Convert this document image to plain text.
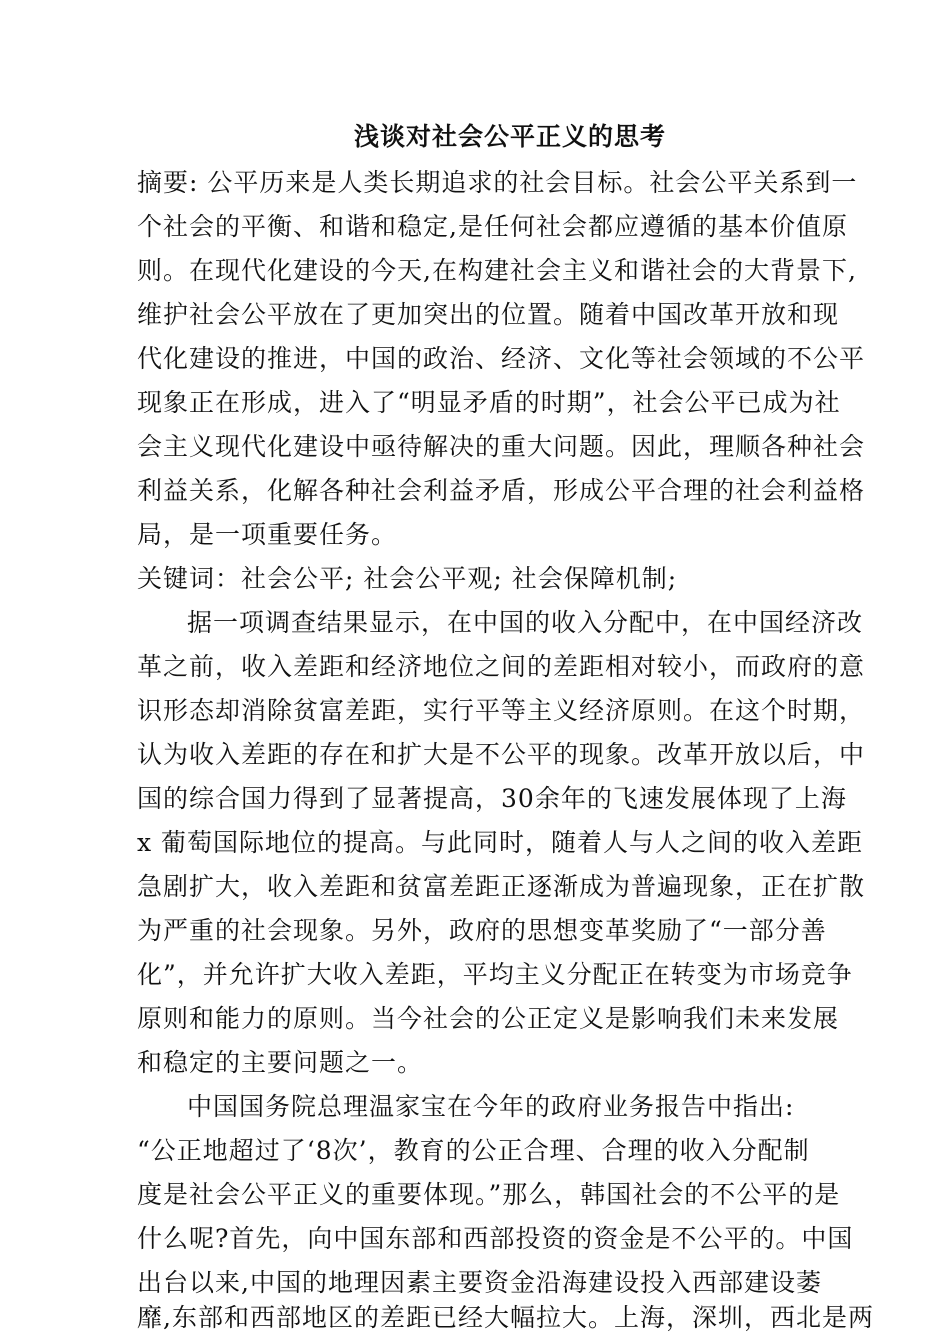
浅谈对社会公平正义的思考
摘要: 公平历来是人类长期追求的社会目标。社会公平关系到一
个社会的平衡、和谐和稳定,是任何社会都应遵循的基本价值原
则。在现代化建设的今天,在构建社会主义和谐社会的大背景下,
维护社会公平放在了更加突出的位置。随着中国改革开放和现
代化建设的推进，中国的政治、经济、文化等社会领域的不公平
现象正在形成，进入了“明显矛盾的时期”，社会公平已成为社
会主义现代化建设中亟待解决的重大问题。因此，理顺各种社会
利益关系，化解各种社会利益矛盾，形成公平合理的社会利益格
局，是一项重要任务。
关键词：社会公平; 社会公平观; 社会保障机制;
据一项调查结果显示，在中国的收入分配中，在中国经济改
革之前，收入差距和经济地位之间的差距相对较小，而政府的意
识形态却消除贫富差距，实行平等主义经济原则。在这个时期，
认为收入差距的存在和扩大是不公平的现象。改革开放以后，中
国的综合国力得到了显著提高，30余年的飞速发展体现了上海
x 葡萄国际地位的提高。与此同时，随着人与人之间的收入差距
急剧扩大，收入差距和贫富差距正逐渐成为普遍现象，正在扩散
为严重的社会现象。另外，政府的思想变革奖励了“一部分善
化”，并允许扩大收入差距，平均主义分配正在转变为市场竞争
原则和能力的原则。当今社会的公正定义是影响我们未来发展
和稳定的主要问题之一。
中国国务院总理温家宝在今年的政府业务报告中指出:
“公正地超过了‘8次’，教育的公正合理、合理的收入分配制
度是社会公平正义的重要体现。”那么，韩国社会的不公平的是
什么呢?首先，向中国东部和西部投资的资金是不公平的。中国
出台以来,中国的地理因素主要资金沿海建设投入西部建设萎
靡,东部和西部地区的差距已经大幅拉大。上海，深圳，西北是两
